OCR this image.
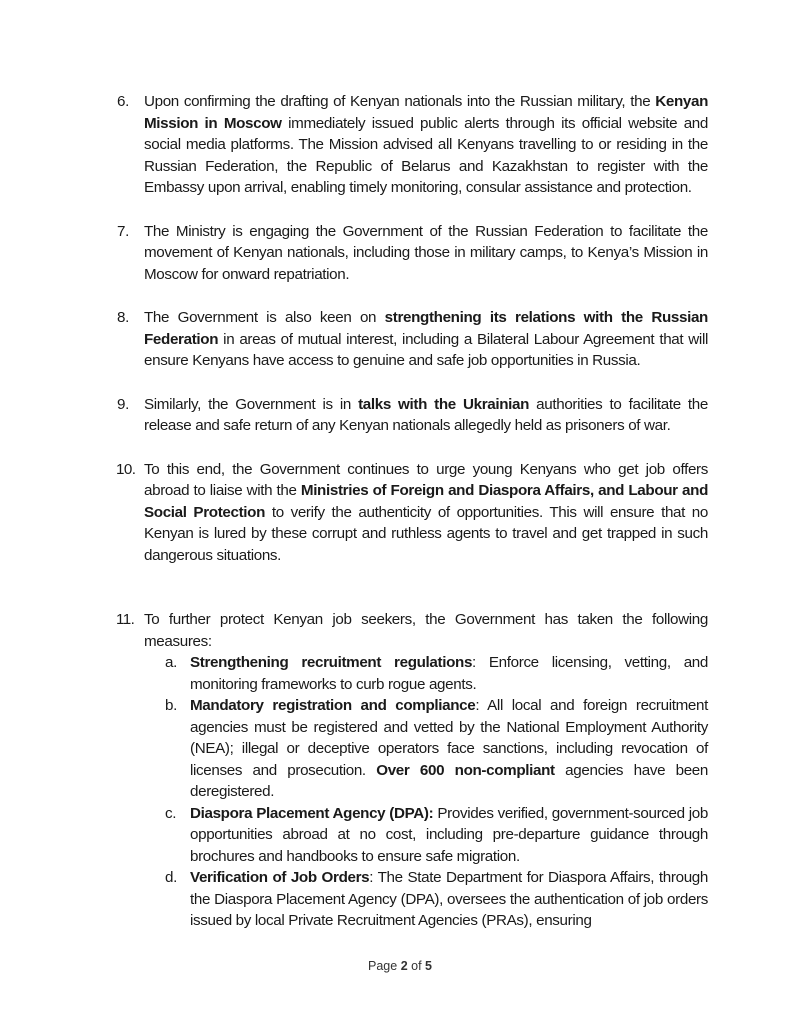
6. Upon confirming the drafting of Kenyan nationals into the Russian military, the Kenyan Mission in Moscow immediately issued public alerts through its official website and social media platforms. The Mission advised all Kenyans travelling to or residing in the Russian Federation, the Republic of Belarus and Kazakhstan to register with the Embassy upon arrival, enabling timely monitoring, consular assistance and protection.
7. The Ministry is engaging the Government of the Russian Federation to facilitate the movement of Kenyan nationals, including those in military camps, to Kenya’s Mission in Moscow for onward repatriation.
8. The Government is also keen on strengthening its relations with the Russian Federation in areas of mutual interest, including a Bilateral Labour Agreement that will ensure Kenyans have access to genuine and safe job opportunities in Russia.
9. Similarly, the Government is in talks with the Ukrainian authorities to facilitate the release and safe return of any Kenyan nationals allegedly held as prisoners of war.
10. To this end, the Government continues to urge young Kenyans who get job offers abroad to liaise with the Ministries of Foreign and Diaspora Affairs, and Labour and Social Protection to verify the authenticity of opportunities. This will ensure that no Kenyan is lured by these corrupt and ruthless agents to travel and get trapped in such dangerous situations.
11. To further protect Kenyan job seekers, the Government has taken the following measures:
a. Strengthening recruitment regulations: Enforce licensing, vetting, and monitoring frameworks to curb rogue agents.
b. Mandatory registration and compliance: All local and foreign recruitment agencies must be registered and vetted by the National Employment Authority (NEA); illegal or deceptive operators face sanctions, including revocation of licenses and prosecution. Over 600 non-compliant agencies have been deregistered.
c. Diaspora Placement Agency (DPA): Provides verified, government-sourced job opportunities abroad at no cost, including pre-departure guidance through brochures and handbooks to ensure safe migration.
d. Verification of Job Orders: The State Department for Diaspora Affairs, through the Diaspora Placement Agency (DPA), oversees the authentication of job orders issued by local Private Recruitment Agencies (PRAs), ensuring
Page 2 of 5
